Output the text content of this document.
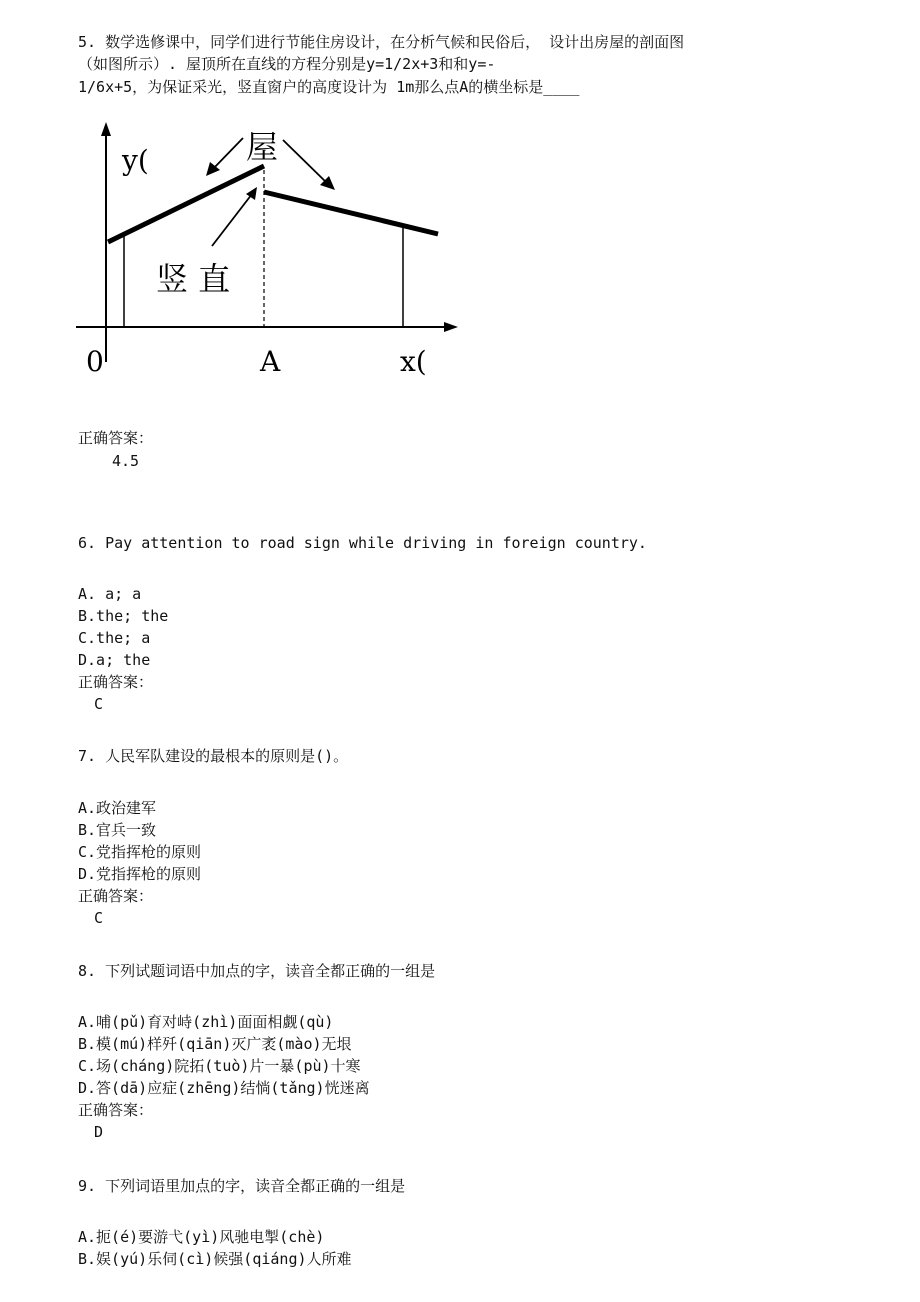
5. 数学选修课中，同学们进行节能住房设计，在分析气候和民俗后， 设计出房屋的剖面图
（如图所示）. 屋顶所在直线的方程分别是y=1/2x+3和和y=-
1/6x+5，为保证采光，竖直窗户的高度设计为 1m那么点A的横坐标是____
y(	屋
竖 直
0	A	x(
正确答案：
4.5
6. Pay attention to road sign while driving in foreign country.
A. a; a
B.the; the
C.the; a
D.a; the
正确答案：
C
7. 人民军队建设的最根本的原则是()。
A.政治建军
B.官兵一致
C.党指挥枪的原则
D.党指挥枪的原则
正确答案：
C
8. 下列试题词语中加点的字，读音全都正确的一组是
A.哺(pǔ)育对峙(zhì)面面相觑(qù)
B.模(mú)样歼(qiān)灭广袤(mào)无垠
C.场(cháng)院拓(tuò)片一暴(pù)十寒
D.答(dā)应症(zhēng)结惝(tǎng)恍迷离
正确答案：
D
9. 下列词语里加点的字，读音全都正确的一组是
A.扼(é)要游弋(yì)风驰电掣(chè)
B.娱(yú)乐伺(cì)候强(qiáng)人所难
